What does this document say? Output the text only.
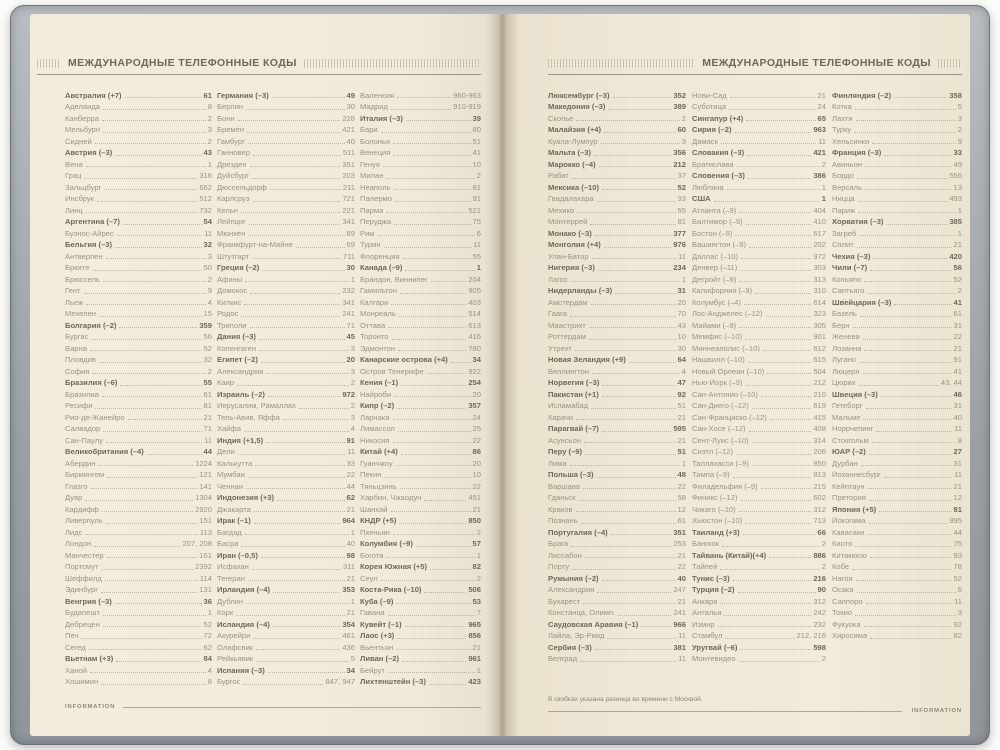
МЕЖДУНАРОДНЫЕ ТЕЛЕФОННЫЕ КОДЫ
Австралия (+7)	61
Аделаида	8
Канберра	2
Мельбурн	3
Сидней	2
Австрия (–3)	43
Вена	1
Грац	316
Зальцбург	662
Инсбрук	512
Линц	732
Аргентина (–7)	54
Буэнос-Айрес	11
Бельгия (–3)	32
Антверпен	3
Брюгге	50
Брюссель	2
Гент	9
Льеж	4
Мехелен	15
Болгария (–2)	359
Бургас	56
Варна	52
Пловдив	32
София	2
Бразилия (–6)	55
Бразилиа	61
Ресифи	81
Рио-де-Жанейро	21
Салвадор	71
Сан-Паулу	11
Великобритания (–4)	44
Абердин	1224
Бирмингем	121
Глазго	141
Дувр	1304
Кардифф	2920
Ливерпуль	151
Лидс	113
Лондон	207, 208
Манчестер	161
Портсмут	2392
Шеффилд	114
Эдинбург	131
Венгрия (–3)	36
Будапешт	1
Дебрецен	52
Печ	72
Сегед	62
Вьетнам (+3)	84
Ханой	4
Хошимин	8
Германия (–3)	49
Берлин	30
Бонн	228
Бремен	421
Гамбург	40
Ганновер	511
Дрезден	351
Дуйсбург	203
Дюссельдорф	211
Карлсруэ	721
Кельн	221
Лейпциг	341
Мюнхен	89
Франкфурт-на-Майне	69
Штутгарт	711
Греция (–2)	30
Афины	1
Домокос	232
Килкис	341
Родос	241
Триполи	71
Дания (–3)	45
Копенгаген	3
Египет (–2)	20
Александрия	3
Каир	2
Израиль (–2)	972
Иерусалим, Рамаллах	2
Тель-Авив, Яффа	3
Хайфа	4
Индия (+1,5)	91
Дели	11
Калькутта	33
Мумбаи	22
Ченнаи	44
Индонезия (+3)	62
Джакарта	21
Ирак (–1)	964
Багдад	1
Басра	40
Иран (–0,5)	98
Исфахан	311
Тегеран	21
Ирландия (–4)	353
Дублин	1
Корк	21
Исландия (–4)	354
Акурейри	461
Олафсвик	436
Рейкьявик	5
Испания (–3)	34
Бургос	847, 947
Валенсия	960-963
Мадрид	910-919
Италия (–3)	39
Бари	80
Болонья	51
Венеция	41
Генуя	10
Милан	2
Неаполь	81
Палермо	91
Парма	521
Перуджа	75
Рим	6
Турин	11
Флоренция	55
Канада (–9)	1
Брандон, Виннипег	204
Гамильтон	905
Калгари	403
Монреаль	514
Оттава	613
Торонто	416
Эдмонтон	780
Канарские острова (+4)	34
Остров Тенерифе	922
Кения (–1)	254
Найроби	20
Кипр (–2)	357
Ларнака	24
Лимассол	25
Никосия	22
Китай (+4)	86
Гуанчжоу	20
Пекин	10
Тяньцзинь	22
Харбин, Чжаодун	451
Шанхай	21
КНДР (+5)	850
Пхеньян	2
Колумбия (–9)	57
Богота	1
Корея Южная (+5)	82
Сеул	2
Коста-Рика (–10)	506
Куба (–9)	53
Гавана	7
Кувейт (–1)	965
Лаос (+3)	856
Вьентьян	21
Ливан (–2)	961
Бейрут	1
Лихтенштейн (–3)	423
INFORMATION
МЕЖДУНАРОДНЫЕ ТЕЛЕФОННЫЕ КОДЫ
Люксембург (–3)	352
Македония (–3)	389
Скопье	2
Малайзия (+4)	60
Куала-Лумпур	3
Мальта (–3)	356
Марокко (–4)	212
Рабат	37
Мексика (–10)	52
Гвадалахара	33
Мехико	55
Монтеррей	81
Монако (–3)	377
Монголия (+4)	976
Улан-Батор	11
Нигерия (–3)	234
Лагос	1
Нидерланды (–3)	31
Амстердам	20
Гаага	70
Маастрихт	43
Роттердам	10
Утрехт	30
Новая Зеландия (+9)	64
Веллингтон	4
Норвегия (–3)	47
Пакистан (+1)	92
Исламабад	51
Карачи	21
Парагвай (–7)	595
Асунсьон	21
Перу (–9)	51
Лима	1
Польша (–3)	48
Варшава	22
Гданьск	58
Краков	12
Познань	61
Португалия (–4)	351
Брага	253
Лиссабон	21
Порту	22
Румыния (–2)	40
Александрия	247
Бухарест	21
Констанца, Олимп.	241
Саудовская Аравия (–1)	966
Лайла, Эр-Рияд	11
Сербия (–3)	381
Белград	11
Нови-Сад	21
Суботица	24
Сингапур (+4)	65
Сирия (–2)	963
Дамаск	11
Словакия (–3)	421
Братислава	2
Словения (–3)	386
Любляна	1
США	1
Атланта (–9)	404
Балтимор (–9)	410
Бостон (–9)	617
Вашингтон (–9)	202
Даллас (–10)	972
Денвер (–11)	303
Детройт (–9)	313
Калифорния (–9)	310
Колумбус (–4)	614
Лос-Анджелес (–12)	323
Майами (–9)	305
Мемфис (–10)	901
Миннеаполис (–10)	612
Нашвилл (–10)	615
Новый Орлеан (–10)	504
Нью-Йорк (–9)	212
Сан-Антонио (–10)	210
Сан-Диего (–12)	619
Сан-Франциско (–12)	415
Сан-Хосе (–12)	408
Сент-Луис (–10)	314
Сиэтл (–12)	206
Таллахасси (–9)	850
Тампа (–9)	813
Филадельфия (–9)	215
Финикс (–12)	602
Чикаго (–10)	312
Хьюстон (–10)	713
Таиланд (+3)	66
Бангкок	2
Тайвань (Китай)(+4)	886
Тайпей	2
Тунис (–3)	216
Турция (–2)	90
Анкара	312
Анталья	242
Измир	232
Стамбул	212, 216
Уругвай (–6)	598
Монтевидео	2
Финляндия (–2)	358
Котка	5
Лахти	3
Турку	2
Хельсинки	9
Франция (–3)	33
Авиньон	49
Бордо	556
Версаль	13
Ницца	493
Париж	1
Хорватия (–3)	385
Загреб	1
Сплит	21
Чехия (–3)	420
Чили (–7)	56
Копьяпо	52
Сантьяго	2
Швейцария (–3)	41
Базель	61
Берн	31
Женева	22
Лозанна	21
Лугано	91
Люцерн	41
Цюрих	43, 44
Швеция (–3)	46
Гетеборг	31
Мальме	40
Норрчепинг	11
Стокгольм	8
ЮАР (–2)	27
Дурбан	31
Йоханнесбург	11
Кейптаун	21
Претория	12
Япония (+5)	81
Йокогама	995
Кавасаки	44
Киото	75
Китакюсю	93
Кобе	78
Нагоя	52
Осака	6
Саппоро	11
Токио	3
Фукуока	92
Хиросима	82
В скобках указана разница во времени с Москвой.
INFORMATION
